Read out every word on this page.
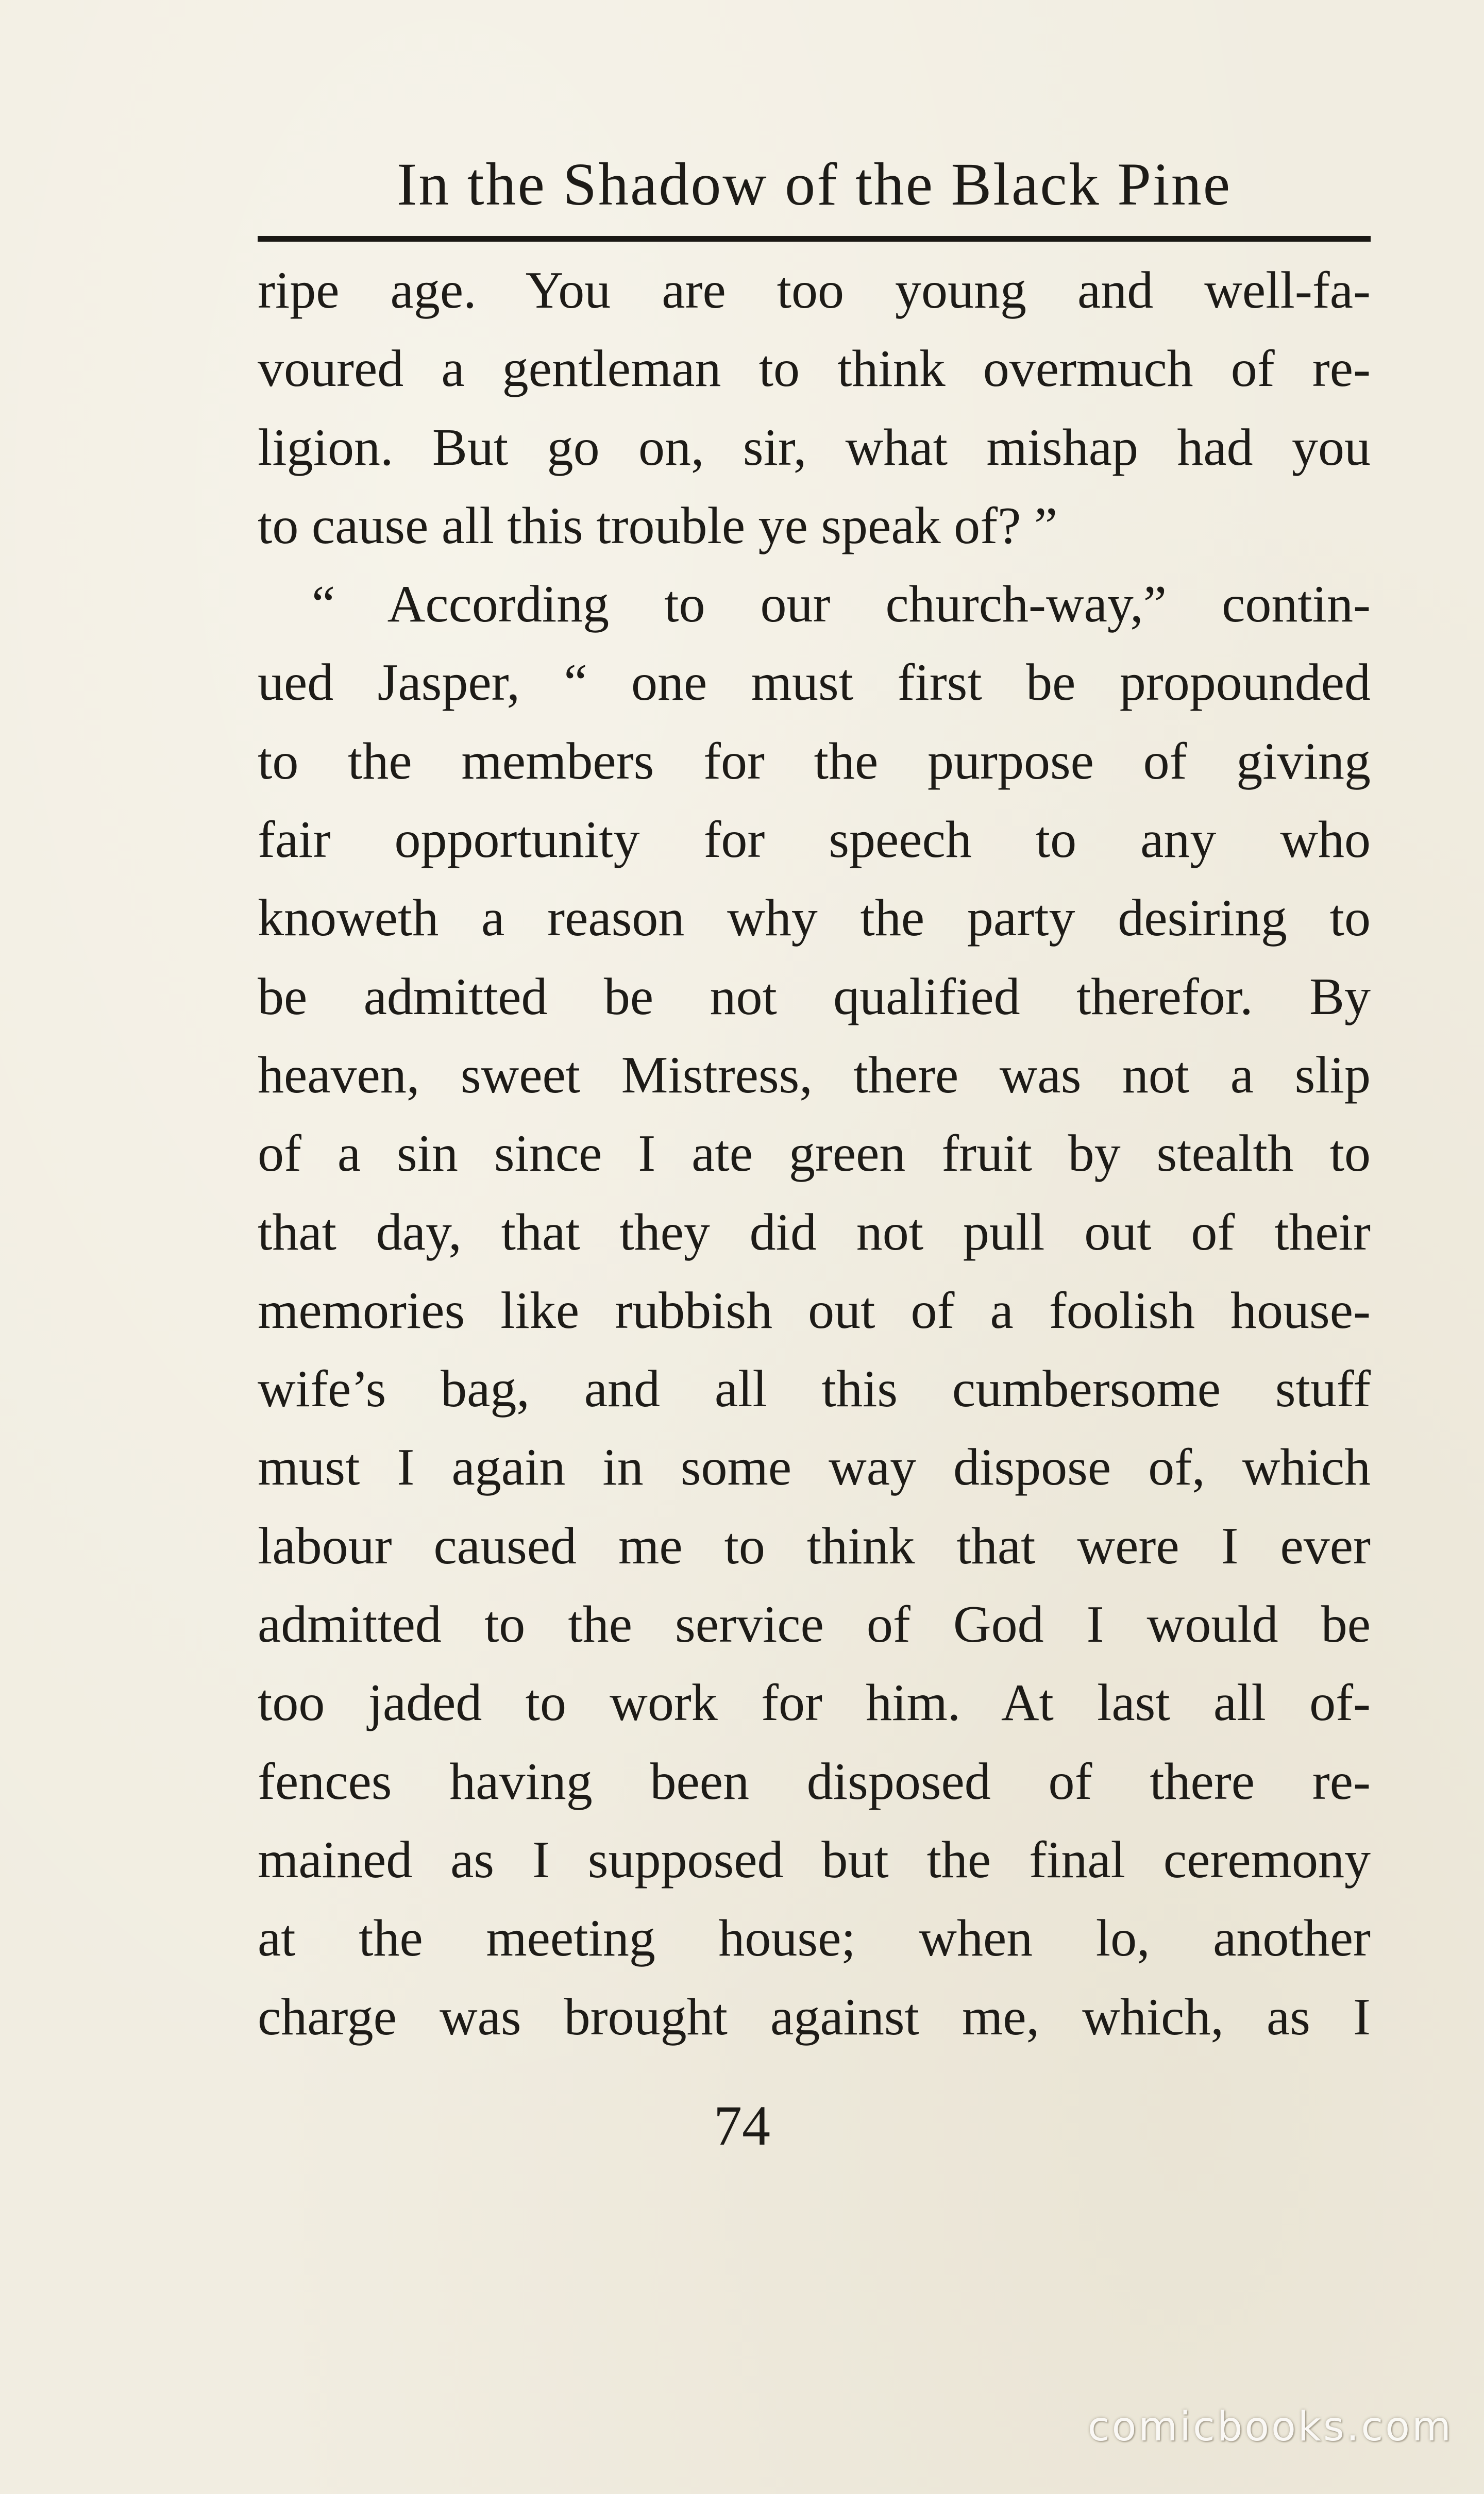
In the Shadow of the Black Pine
ripe age. You are too young and well-fa-
voured a gentleman to think overmuch of re-
ligion. But go on, sir, what mishap had you
to cause all this trouble ye speak of? ”
“ According to our church-way,” contin-
ued Jasper, “ one must first be propounded
to the members for the purpose of giving
fair opportunity for speech to any who
knoweth a reason why the party desiring to
be admitted be not qualified therefor. By
heaven, sweet Mistress, there was not a slip
of a sin since I ate green fruit by stealth to
that day, that they did not pull out of their
memories like rubbish out of a foolish house-
wife’s bag, and all this cumbersome stuff
must I again in some way dispose of, which
labour caused me to think that were I ever
admitted to the service of God I would be
too jaded to work for him. At last all of-
fences having been disposed of there re-
mained as I supposed but the final ceremony
at the meeting house; when lo, another
charge was brought against me, which, as I
74
comicbooks.com
